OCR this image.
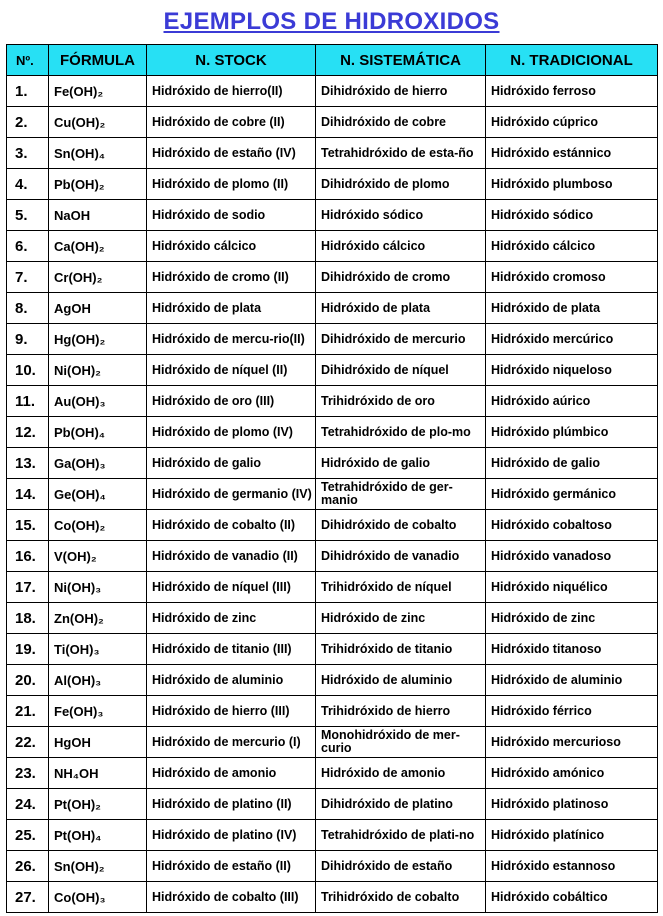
EJEMPLOS DE HIDROXIDOS
Nº.	FÓRMULA	N. STOCK	N. SISTEMÁTICA	N. TRADICIONAL
1.	Fe(OH)₂	Hidróxido de hierro(II)	Dihidróxido de hierro	Hidróxido ferroso
2.	Cu(OH)₂	Hidróxido de cobre (II)	Dihidróxido de cobre	Hidróxido cúprico
3.	Sn(OH)₄	Hidróxido de estaño (IV)	Tetrahidróxido de esta-ño	Hidróxido estánnico
4.	Pb(OH)₂	Hidróxido de plomo (II)	Dihidróxido de plomo	Hidróxido plumboso
5.	NaOH	Hidróxido de sodio	Hidróxido sódico	Hidróxido sódico
6.	Ca(OH)₂	Hidróxido cálcico	Hidróxido cálcico	Hidróxido cálcico
7.	Cr(OH)₂	Hidróxido de cromo (II)	Dihidróxido de cromo	Hidróxido cromoso
8.	AgOH	Hidróxido de plata	Hidróxido de plata	Hidróxido de plata
9.	Hg(OH)₂	Hidróxido de mercu-rio(II)	Dihidróxido de mercurio	Hidróxido mercúrico
10.	Ni(OH)₂	Hidróxido de níquel (II)	Dihidróxido de níquel	Hidróxido niqueloso
11.	Au(OH)₃	Hidróxido de oro (III)	Trihidróxido de oro	Hidróxido aúrico
12.	Pb(OH)₄	Hidróxido de plomo (IV)	Tetrahidróxido de plo-mo	Hidróxido plúmbico
13.	Ga(OH)₃	Hidróxido de galio	Hidróxido de galio	Hidróxido de galio
14.	Ge(OH)₄	Hidróxido de germanio (IV)	Tetrahidróxido de ger-manio	Hidróxido germánico
15.	Co(OH)₂	Hidróxido de cobalto (II)	Dihidróxido de cobalto	Hidróxido cobaltoso
16.	V(OH)₂	Hidróxido de vanadio (II)	Dihidróxido de vanadio	Hidróxido vanadoso
17.	Ni(OH)₃	Hidróxido de níquel (III)	Trihidróxido de níquel	Hidróxido niquélico
18.	Zn(OH)₂	Hidróxido de zinc	Hidróxido de zinc	Hidróxido de zinc
19.	Ti(OH)₃	Hidróxido de titanio (III)	Trihidróxido de titanio	Hidróxido titanoso
20.	Al(OH)₃	Hidróxido de aluminio	Hidróxido de aluminio	Hidróxido de aluminio
21.	Fe(OH)₃	Hidróxido de hierro (III)	Trihidróxido de hierro	Hidróxido férrico
22.	HgOH	Hidróxido de mercurio (I)	Monohidróxido de mer-curio	Hidróxido mercurioso
23.	NH₄OH	Hidróxido de amonio	Hidróxido de amonio	Hidróxido amónico
24.	Pt(OH)₂	Hidróxido de platino (II)	Dihidróxido de platino	Hidróxido platinoso
25.	Pt(OH)₄	Hidróxido de platino (IV)	Tetrahidróxido de plati-no	Hidróxido platínico
26.	Sn(OH)₂	Hidróxido de estaño (II)	Dihidróxido de estaño	Hidróxido estannoso
27.	Co(OH)₃	Hidróxido de cobalto (III)	Trihidróxido de cobalto	Hidróxido cobáltico
